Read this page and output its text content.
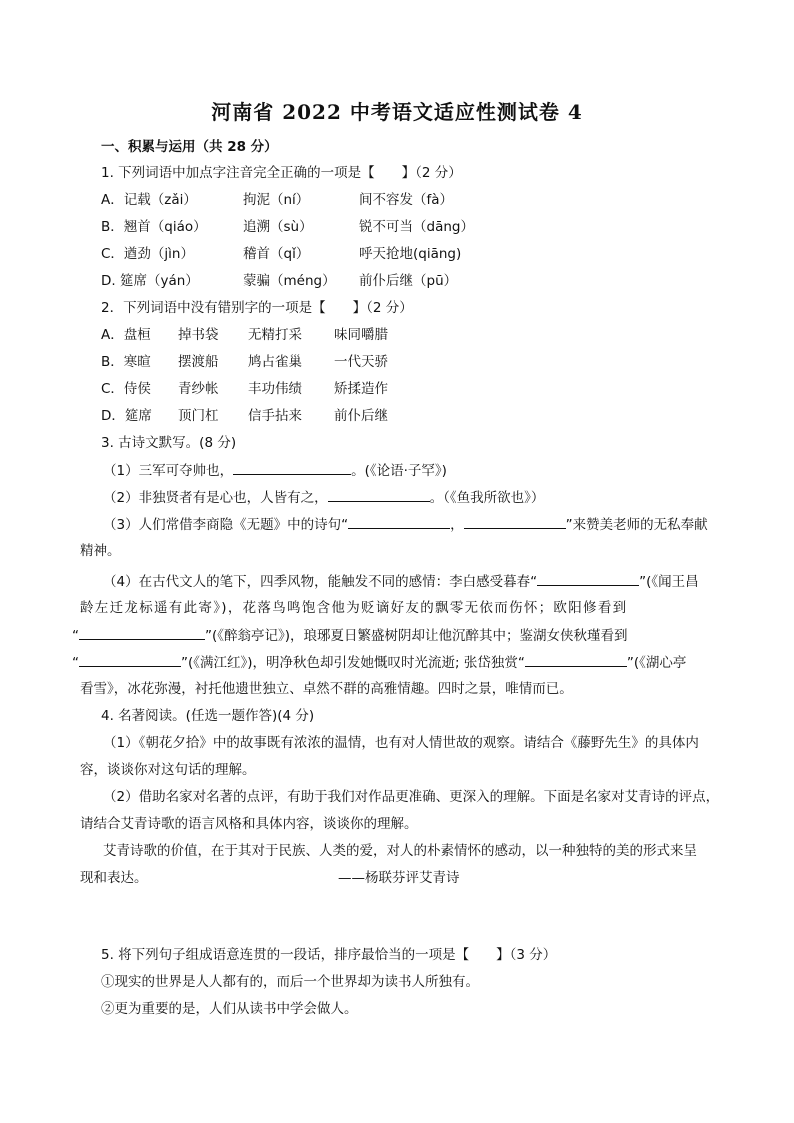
河南省 2022 中考语文适应性测试卷 4
一、积累与运用（共 28 分）
1. 下列词语中加点字注音完全正确的一项是【　　】（2 分）
A．记载（zǎi）	拘泥（ní）	间不容发（fà）
B．翘首（qiáo）	追溯（sù）	锐不可当（dāng）
C．遒劲（jìn）	稽首（qǐ）	呼天抢地(qiāng)
D. 筵席（yán）	蒙骗（méng） 前仆后继（pū）
2．下列词语中没有错别字的一项是【　　】（2 分）
A．盘桓 掉书袋 无精打采 味同嚼腊
B．寒暄 摆渡船 鸠占雀巢 一代天骄
C．侍侯 青纱帐 丰功伟绩 矫揉造作
D．筵席 顶门杠 信手拈来 前仆后继
3. 古诗文默写。(8 分)
（1）三军可夺帅也，	。(《论语·子罕》)
（2）非独贤者有是心也，人皆有之，	。（《鱼我所欲也》）
（3）人们常借李商隐《无题》中的诗句“	，	”来赞美老师的无私奉献
精神。
（4）在古代文人的笔下，四季风物，能触发不同的感情：李白感受暮春“	”(《闻王昌
龄左迁龙标遥有此寄》)，花落鸟鸣饱含他为贬谪好友的飘零无依而伤怀；欧阳修看到
“	”(《醉翁亭记》)，琅琊夏日繁盛树阴却让他沉醉其中；鉴湖女侠秋瑾看到
“	”(《满江红》)，明净秋色却引发她慨叹时光流逝; 张岱独赏“	”(《湖心亭
看雪》，冰花弥漫，衬托他遗世独立、卓然不群的高雅情趣。四时之景，唯情而已。
4. 名著阅读。(任选一题作答)(4 分)
（1）《朝花夕拾》中的故事既有浓浓的温情，也有对人情世故的观察。请结合《藤野先生》的具体内
容，谈谈你对这句话的理解。
（2）借助名家对名著的点评，有助于我们对作品更准确、更深入的理解。下面是名家对艾青诗的评点，
请结合艾青诗歌的语言风格和具体内容，谈谈你的理解。
艾青诗歌的价值，在于其对于民族、人类的爱，对人的朴素情怀的感动，以一种独特的美的形式来呈
现和表达。	——杨联芬评艾青诗
5. 将下列句子组成语意连贯的一段话，排序最恰当的一项是【　　】（3 分）
①现实的世界是人人都有的，而后一个世界却为读书人所独有。
②更为重要的是，人们从读书中学会做人。
